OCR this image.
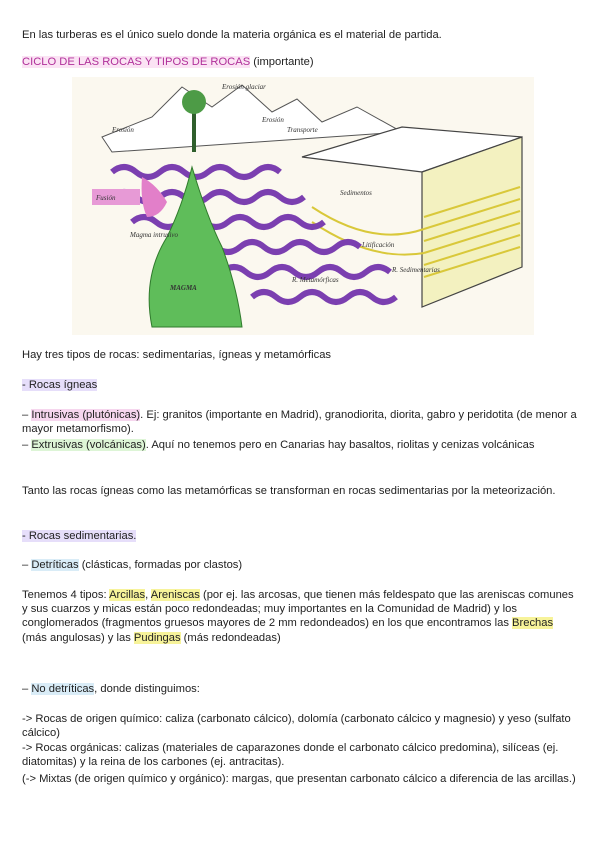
En las turberas es el único suelo donde la materia orgánica es el material de partida.

CICLO DE LAS ROCAS Y TIPOS DE ROCAS (importante)

Erosión glaciar
Erosión
Transporte
Sedimentos
Fusión
Magma intrusivo
Litificación
R. Sedimentarias
R. Metamórficas
MAGMA
Erosión

Hay tres tipos de rocas: sedimentarias, ígneas y metamórficas

- Rocas ígneas

– Intrusivas (plutónicas). Ej: granitos (importante en Madrid), granodiorita, diorita, gabro y peridotita (de menor a mayor metamorfismo).

– Extrusivas (volcánicas). Aquí no tenemos pero en Canarias hay basaltos, riolitas y cenizas volcánicas

Tanto las rocas ígneas como las metamórficas se transforman en rocas sedimentarias por la meteorización.

- Rocas sedimentarias.

– Detríticas (clásticas, formadas por clastos)

Tenemos 4 tipos: Arcillas, Areniscas (por ej. las arcosas, que tienen más feldespato que las areniscas comunes y sus cuarzos y micas están poco redondeadas; muy importantes en la Comunidad de Madrid) y los conglomerados (fragmentos gruesos mayores de 2 mm redondeados) en los que encontramos las Brechas (más angulosas) y las Pudingas (más redondeadas)

– No detríticas, donde distinguimos:

-> Rocas de origen químico: caliza (carbonato cálcico), dolomía (carbonato cálcico y magnesio) y yeso (sulfato cálcico)

-> Rocas orgánicas: calizas (materiales de caparazones donde el carbonato cálcico predomina), silíceas (ej. diatomitas) y la reina de los carbones (ej. antracitas).

(-> Mixtas (de origen químico y orgánico): margas, que presentan carbonato cálcico a diferencia de las arcillas.)
